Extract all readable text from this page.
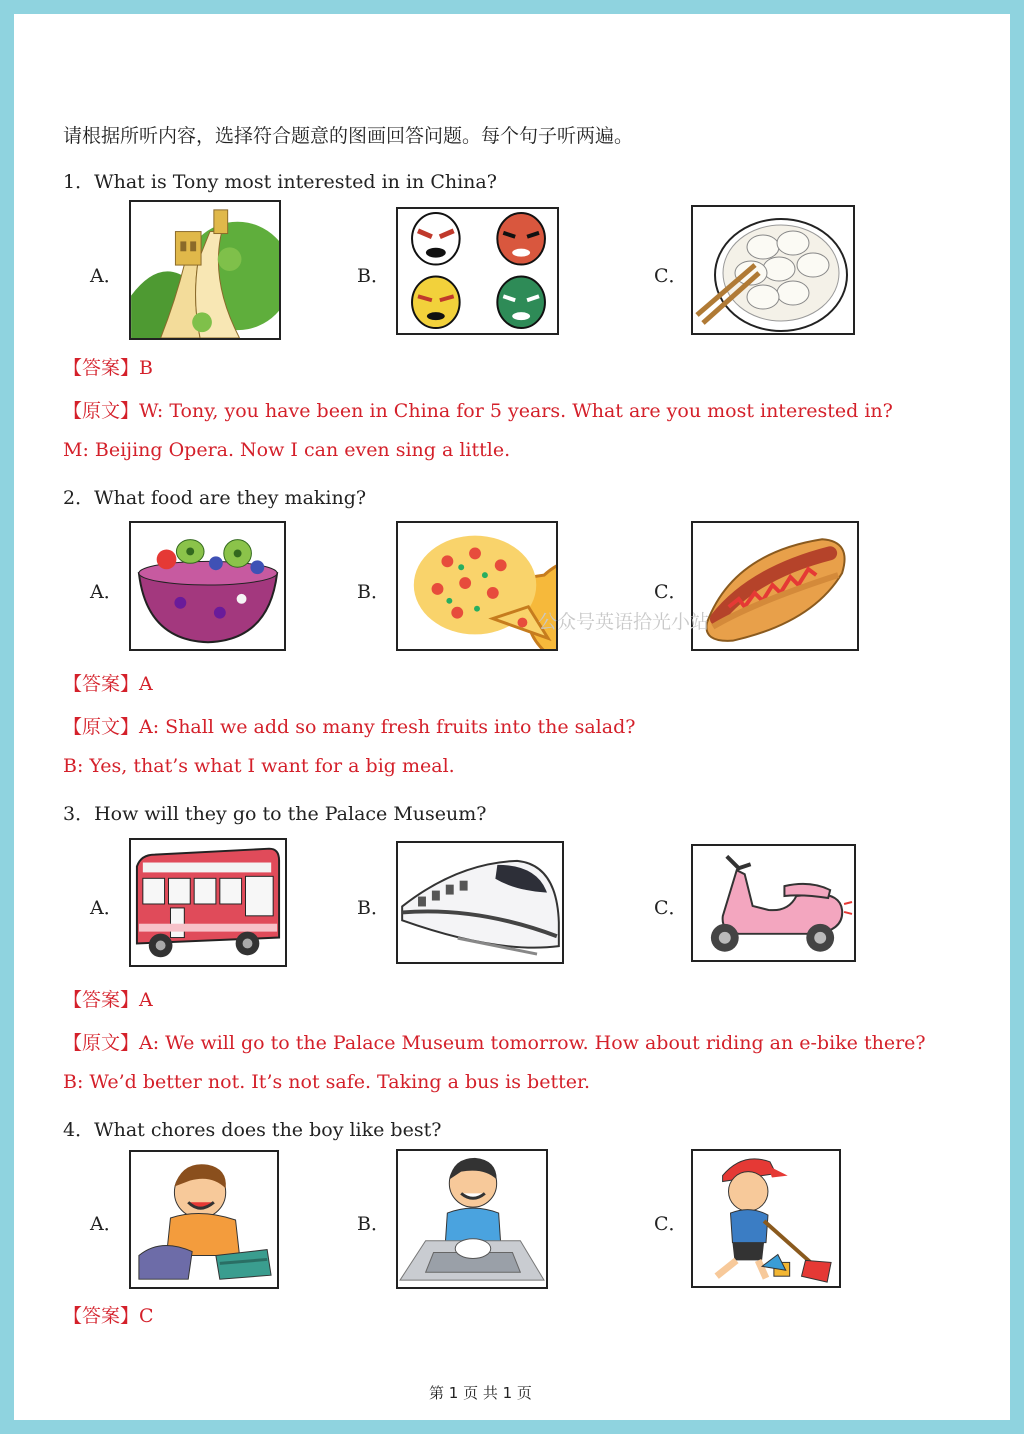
请根据所听内容，选择符合题意的图画回答问题。每个句子听两遍。
1．What is Tony most interested in in China?
A．	B．	C．
【答案】B
【原文】W: Tony, you have been in China for 5 years. What are you most interested in?
M: Beijing Opera. Now I can even sing a little.
2．What food are they making?
A．	B．	C．
公众号英语拾光小站
【答案】A
【原文】A: Shall we add so many fresh fruits into the salad?
B: Yes, that’s what I want for a big meal.
3．How will they go to the Palace Museum?
A．	B．	C．
【答案】A
【原文】A: We will go to the Palace Museum tomorrow. How about riding an e-bike there?
B: We’d better not. It’s not safe. Taking a bus is better.
4．What chores does the boy like best?
A．	B．	C．
【答案】C
第 1 页 共 1 页
